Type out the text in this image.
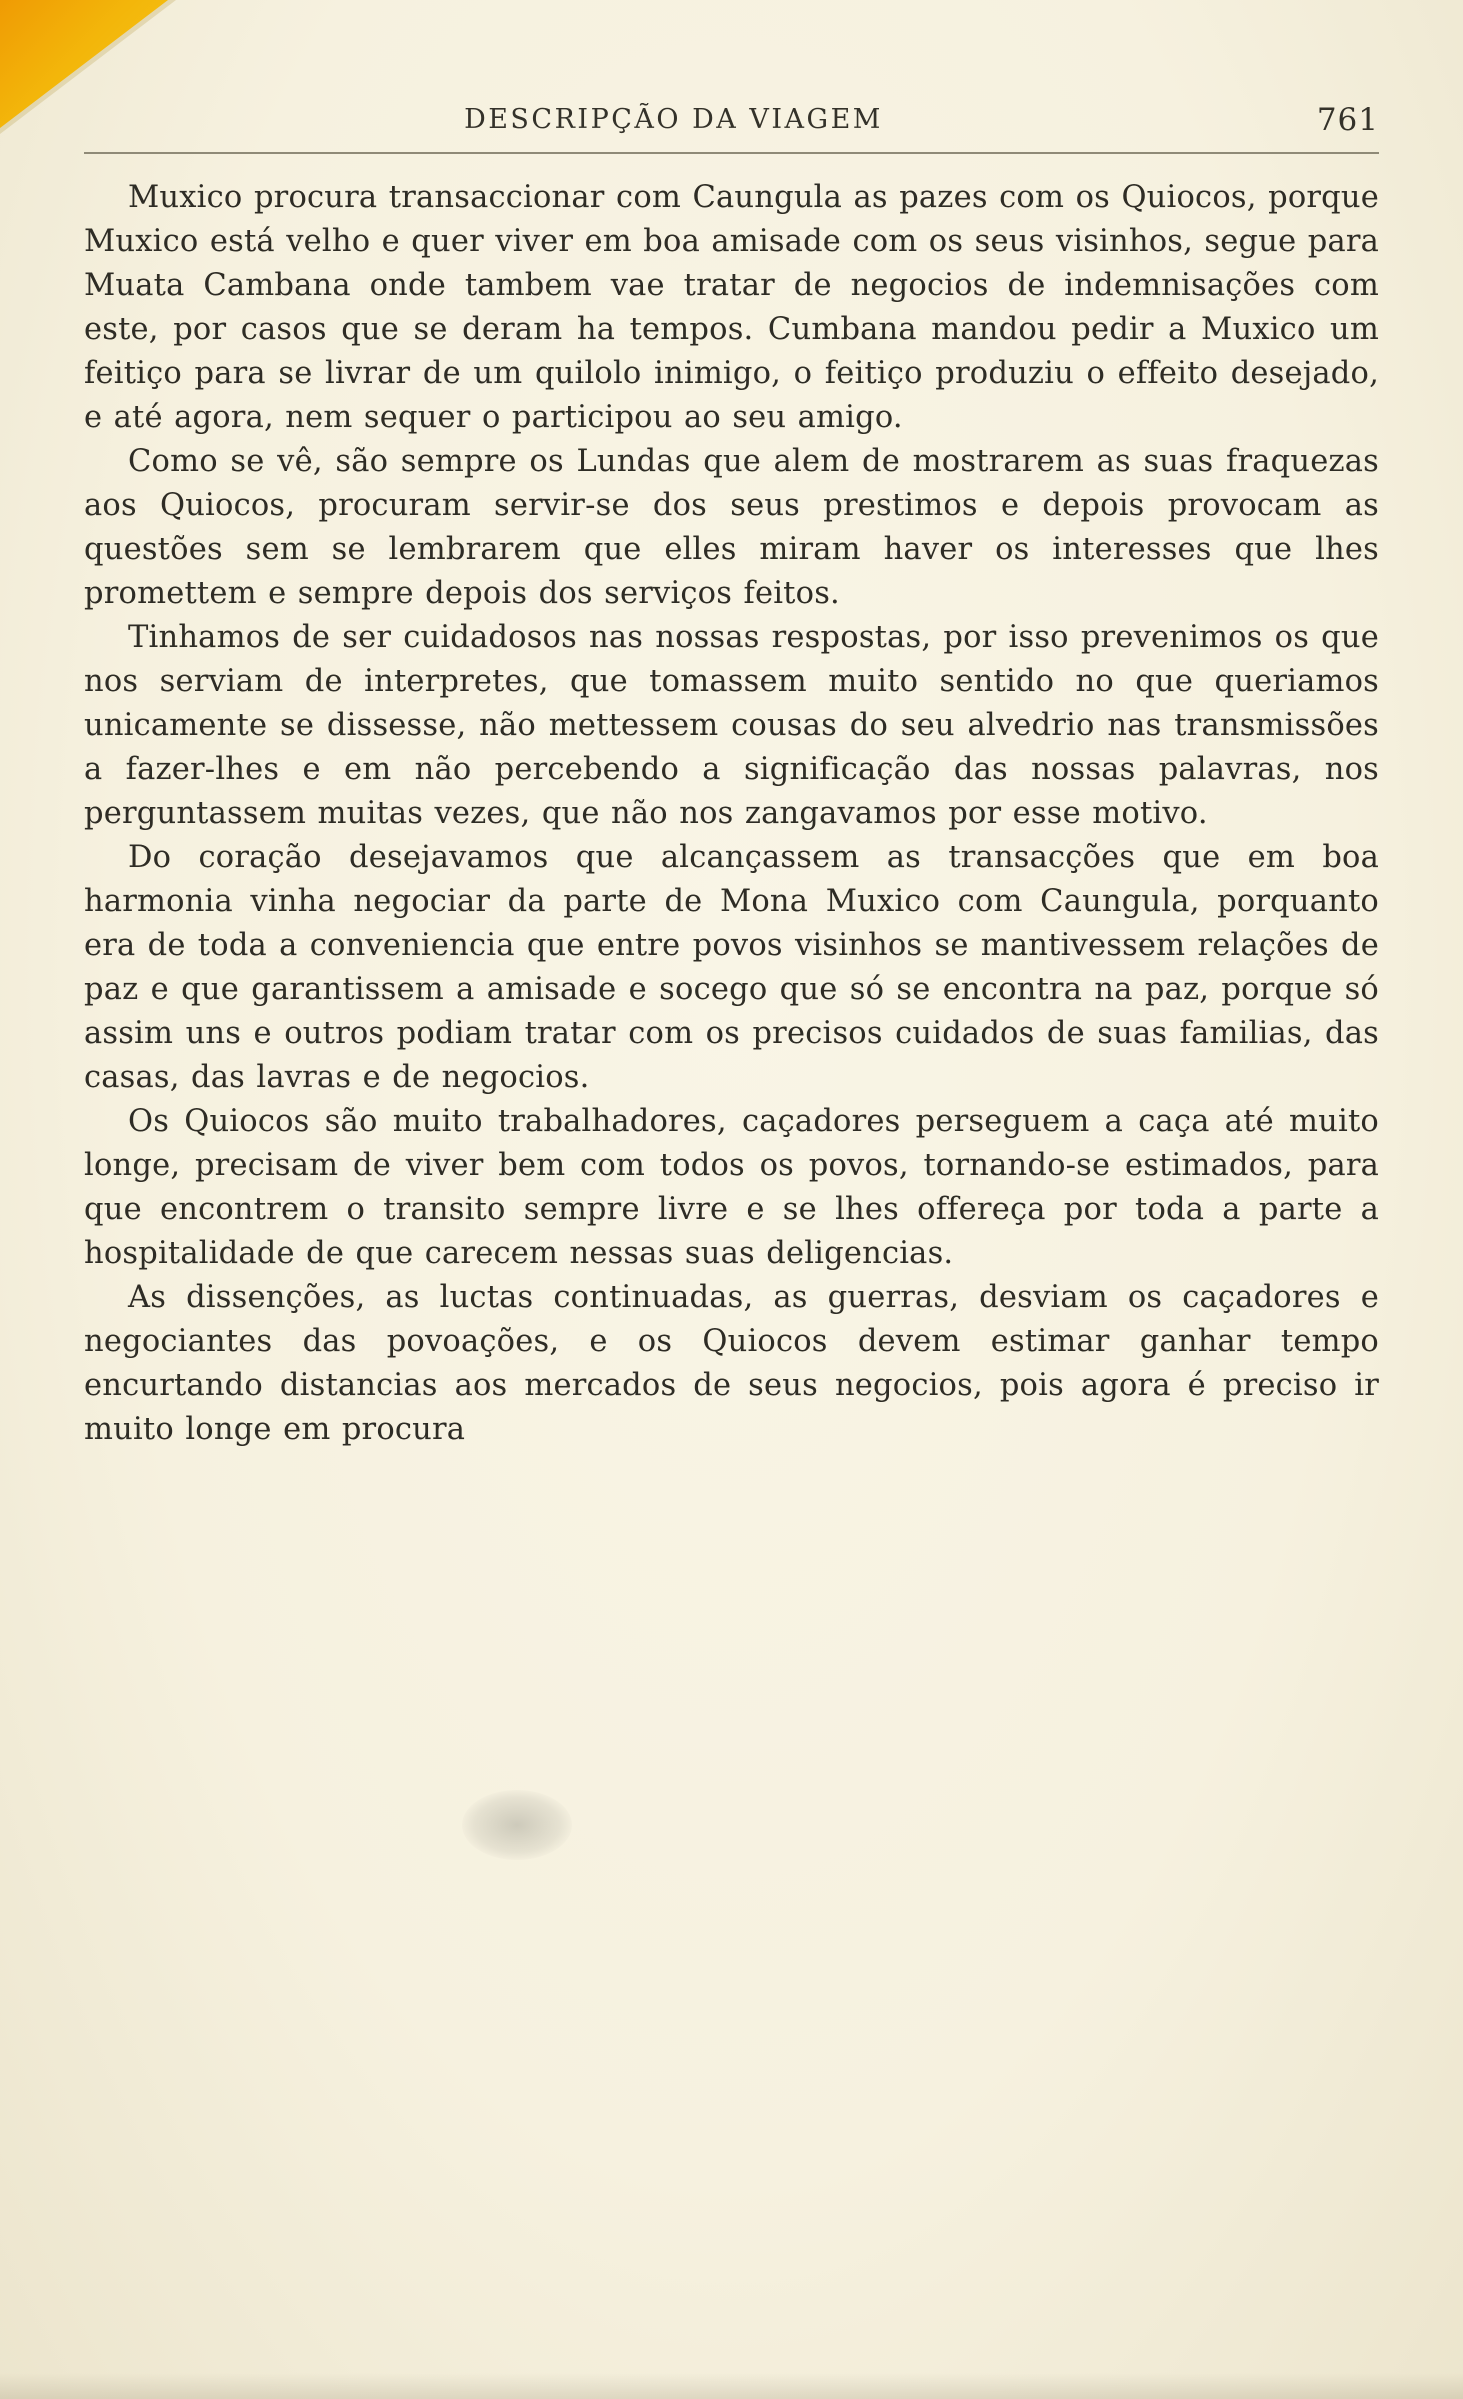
DESCRIPÇÃO DA VIAGEM	761

Muxico procura transaccionar com Caungula as pazes com os Quiocos, porque Muxico está velho e quer viver em boa amisade com os seus visinhos, segue para Muata Cambana onde tambem vae tratar de negocios de indemnisações com este, por casos que se deram ha tempos. Cumbana mandou pedir a Muxico um feitiço para se livrar de um quilolo inimigo, o feitiço produziu o effeito desejado, e até agora, nem sequer o participou ao seu amigo.

Como se vê, são sempre os Lundas que alem de mostrarem as suas fraquezas aos Quiocos, procuram servir-se dos seus prestimos e depois provocam as questões sem se lembrarem que elles miram haver os interesses que lhes promettem e sempre depois dos serviços feitos.

Tinhamos de ser cuidadosos nas nossas respostas, por isso prevenimos os que nos serviam de interpretes, que tomassem muito sentido no que queriamos unicamente se dissesse, não mettessem cousas do seu alvedrio nas transmissões a fazer-lhes e em não percebendo a significação das nossas palavras, nos perguntassem muitas vezes, que não nos zangavamos por esse motivo.

Do coração desejavamos que alcançassem as transacções que em boa harmonia vinha negociar da parte de Mona Muxico com Caungula, porquanto era de toda a conveniencia que entre povos visinhos se mantivessem relações de paz e que garantissem a amisade e socego que só se encontra na paz, porque só assim uns e outros podiam tratar com os precisos cuidados de suas familias, das casas, das lavras e de negocios.

Os Quiocos são muito trabalhadores, caçadores perseguem a caça até muito longe, precisam de viver bem com todos os povos, tornando-se estimados, para que encontrem o transito sempre livre e se lhes offereça por toda a parte a hospitalidade de que carecem nessas suas deligencias.

As dissenções, as luctas continuadas, as guerras, desviam os caçadores e negociantes das povoações, e os Quiocos devem estimar ganhar tempo encurtando distancias aos mercados de seus negocios, pois agora é preciso ir muito longe em procura
